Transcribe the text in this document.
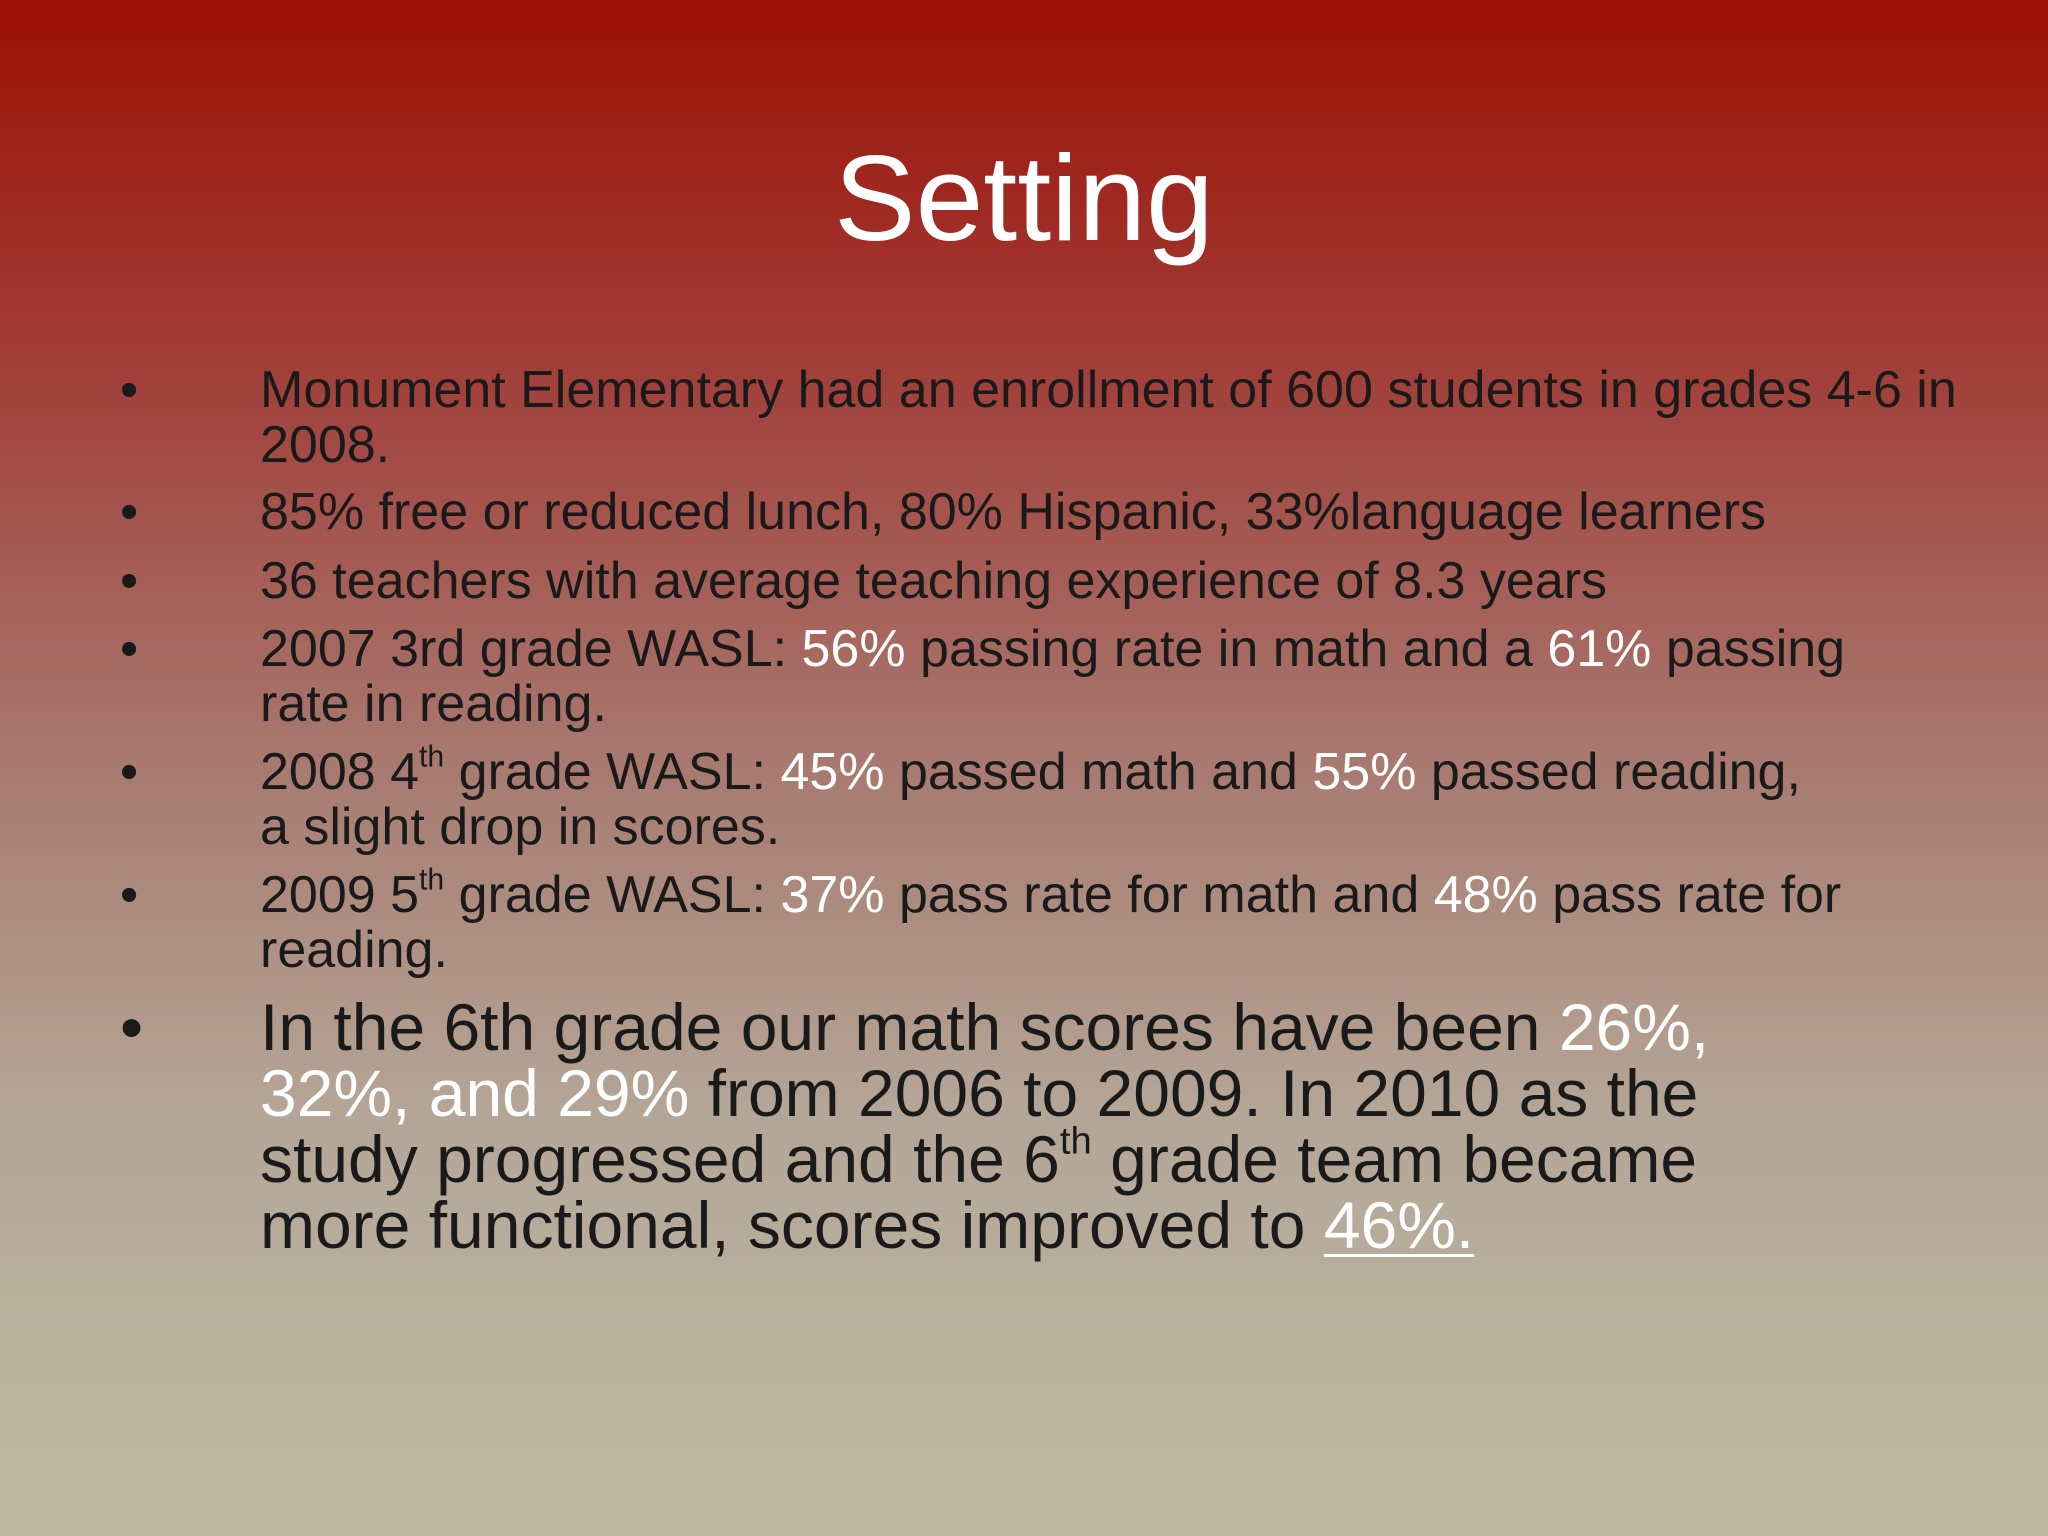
Setting
• Monument Elementary had an enrollment of 600 students in grades 4-6 in 2008.
• 85% free or reduced lunch, 80% Hispanic, 33%language learners
• 36 teachers with average teaching experience of 8.3 years
• 2007 3rd grade WASL: 56% passing rate in math and a 61% passing rate in reading.
• 2008 4th grade WASL: 45% passed math and 55% passed reading, a slight drop in scores.
• 2009 5th grade WASL: 37% pass rate for math and 48% pass rate for reading.
• In the 6th grade our math scores have been 26%, 32%, and 29% from 2006 to 2009. In 2010 as the study progressed and the 6th grade team became more functional, scores improved to 46%.
